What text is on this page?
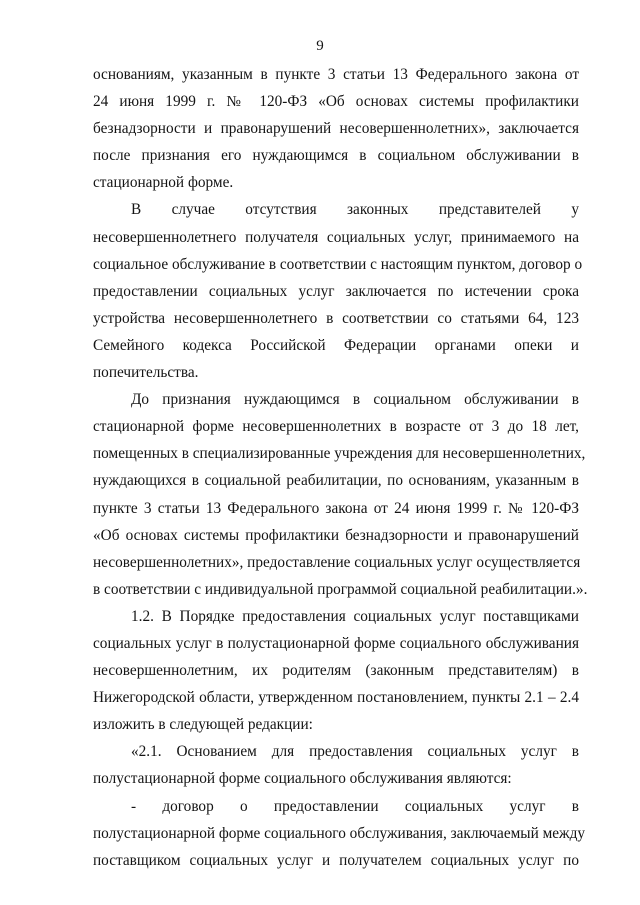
9
основаниям, указанным в пункте 3 статьи 13 Федерального закона от
24 июня 1999 г. № 120-ФЗ «Об основах системы профилактики
безнадзорности и правонарушений несовершеннолетних», заключается
после признания его нуждающимся в социальном обслуживании в
стационарной форме.
В случае отсутствия законных представителей у
несовершеннолетнего получателя социальных услуг, принимаемого на
социальное обслуживание в соответствии с настоящим пунктом, договор о
предоставлении социальных услуг заключается по истечении срока
устройства несовершеннолетнего в соответствии со статьями 64, 123
Семейного кодекса Российской Федерации органами опеки и
попечительства.
До признания нуждающимся в социальном обслуживании в
стационарной форме несовершеннолетних в возрасте от 3 до 18 лет,
помещенных в специализированные учреждения для несовершеннолетних,
нуждающихся в социальной реабилитации, по основаниям, указанным в
пункте 3 статьи 13 Федерального закона от 24 июня 1999 г. № 120-ФЗ
«Об основах системы профилактики безнадзорности и правонарушений
несовершеннолетних», предоставление социальных услуг осуществляется
в соответствии с индивидуальной программой социальной реабилитации.».
1.2. В Порядке предоставления социальных услуг поставщиками
социальных услуг в полустационарной форме социального обслуживания
несовершеннолетним, их родителям (законным представителям) в
Нижегородской области, утвержденном постановлением, пункты 2.1 – 2.4
изложить в следующей редакции:
«2.1. Основанием для предоставления социальных услуг в
полустационарной форме социального обслуживания являются:
- договор о предоставлении социальных услуг в
полустационарной форме социального обслуживания, заключаемый между
поставщиком социальных услуг и получателем социальных услуг по
